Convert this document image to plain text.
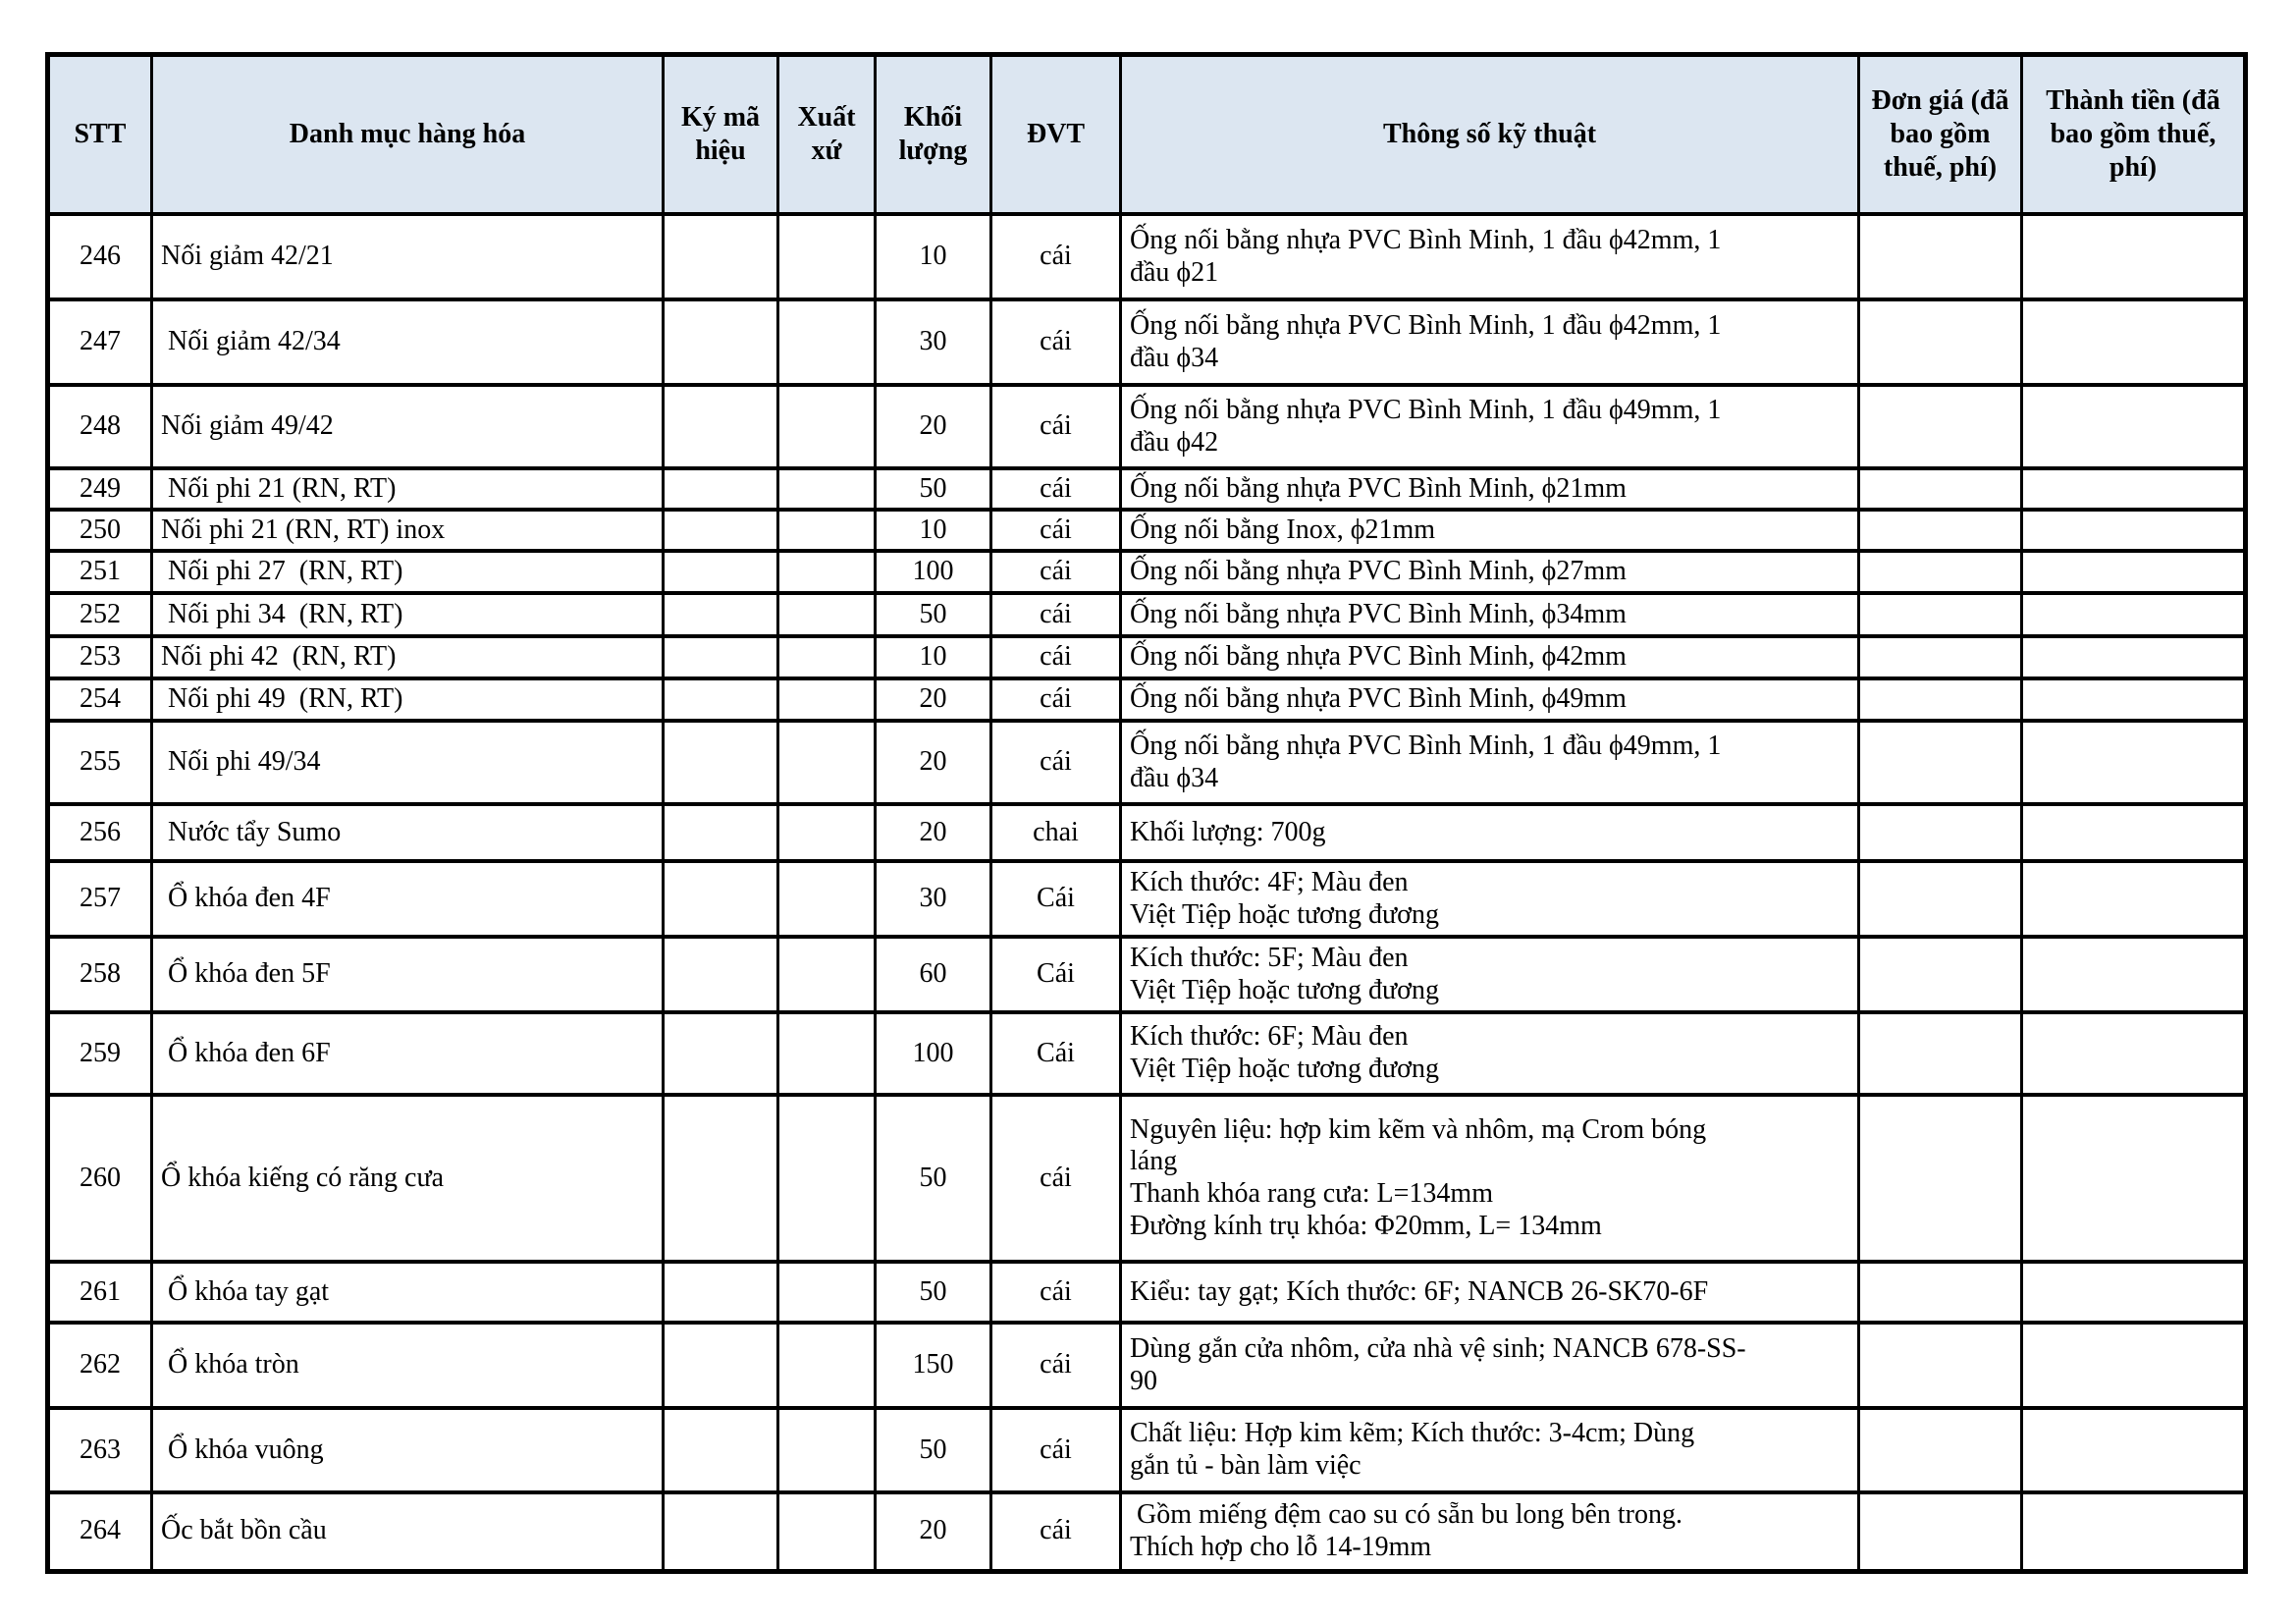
STT	Danh mục hàng hóa	Ký mã hiệu	Xuất xứ	Khối lượng	ĐVT	Thông số kỹ thuật	Đơn giá (đã bao gồm thuế, phí)	Thành tiền (đã bao gồm thuế, phí)
246	Nối giảm 42/21			10	cái	Ống nối bằng nhựa PVC Bình Minh, 1 đầu ϕ42mm, 1
đầu ϕ21		
247	Nối giảm 42/34			30	cái	Ống nối bằng nhựa PVC Bình Minh, 1 đầu ϕ42mm, 1
đầu ϕ34		
248	Nối giảm 49/42			20	cái	Ống nối bằng nhựa PVC Bình Minh, 1 đầu ϕ49mm, 1
đầu ϕ42		
249	Nối phi 21 (RN, RT)			50	cái	Ống nối bằng nhựa PVC Bình Minh, ϕ21mm		
250	Nối phi 21 (RN, RT) inox			10	cái	Ống nối bằng Inox, ϕ21mm		
251	Nối phi 27  (RN, RT)			100	cái	Ống nối bằng nhựa PVC Bình Minh, ϕ27mm		
252	Nối phi 34  (RN, RT)			50	cái	Ống nối bằng nhựa PVC Bình Minh, ϕ34mm		
253	Nối phi 42  (RN, RT)			10	cái	Ống nối bằng nhựa PVC Bình Minh, ϕ42mm		
254	Nối phi 49  (RN, RT)			20	cái	Ống nối bằng nhựa PVC Bình Minh, ϕ49mm		
255	Nối phi 49/34			20	cái	Ống nối bằng nhựa PVC Bình Minh, 1 đầu ϕ49mm, 1
đầu ϕ34		
256	Nước tẩy Sumo			20	chai	Khối lượng: 700g		
257	Ổ khóa đen 4F			30	Cái	Kích thước: 4F; Màu đen
Việt Tiệp hoặc tương đương		
258	Ổ khóa đen 5F			60	Cái	Kích thước: 5F; Màu đen
Việt Tiệp hoặc tương đương		
259	Ổ khóa đen 6F			100	Cái	Kích thước: 6F; Màu đen
Việt Tiệp hoặc tương đương		
260	Ổ khóa kiếng có răng cưa			50	cái	Nguyên liệu: hợp kim kẽm và nhôm, mạ Crom bóng
láng
Thanh khóa rang cưa: L=134mm
Đường kính trụ khóa: Φ20mm, L= 134mm		
261	Ổ khóa tay gạt			50	cái	Kiểu: tay gạt; Kích thước: 6F; NANCB 26-SK70-6F		
262	Ổ khóa tròn			150	cái	Dùng gắn cửa nhôm, cửa nhà vệ sinh; NANCB 678-SS-
90		
263	Ổ khóa vuông			50	cái	Chất liệu: Hợp kim kẽm; Kích thước: 3-4cm; Dùng
gắn tủ - bàn làm việc		
264	Ốc bắt bồn cầu			20	cái	Gồm miếng đệm cao su có sẵn bu long bên trong.
Thích hợp cho lỗ 14-19mm		
